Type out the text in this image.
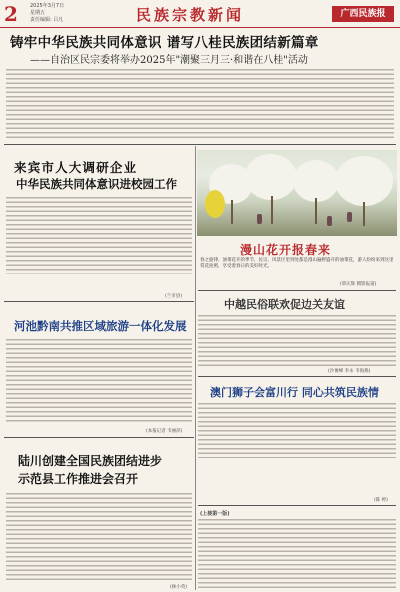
2 2025年3月7日
星期五
责任编辑: 吕凡	民族宗教新闻	广西民族报
铸牢中华民族共同体意识 谱写八桂民族团结新篇章
——自治区民宗委将举办2025年"潮聚三月三·和谐在八桂"活动
来宾市人大调研企业
中华民族共同体意识进校园工作
(兰市县)
漫山花开报春来
春之旋律，油菜花开的季节，民宗，风景区里到处都是漫山遍野盛开的油菜花，游人纷纷来到这里赏花拍照，享受着春日的美好时光。
(覃庆辉 摄影报道)
河池黔南共推区域旅游一体化发展
(本报记者 韦丽萍)
陆川创建全国民族团结进步
示范县工作推进会召开
(林小英)
中越民俗联欢促边关友谊
(沙俊峰 李永 韦海燕)
澳门狮子会富川行 同心共筑民族情
(陈 婷)
(上接第一版)
